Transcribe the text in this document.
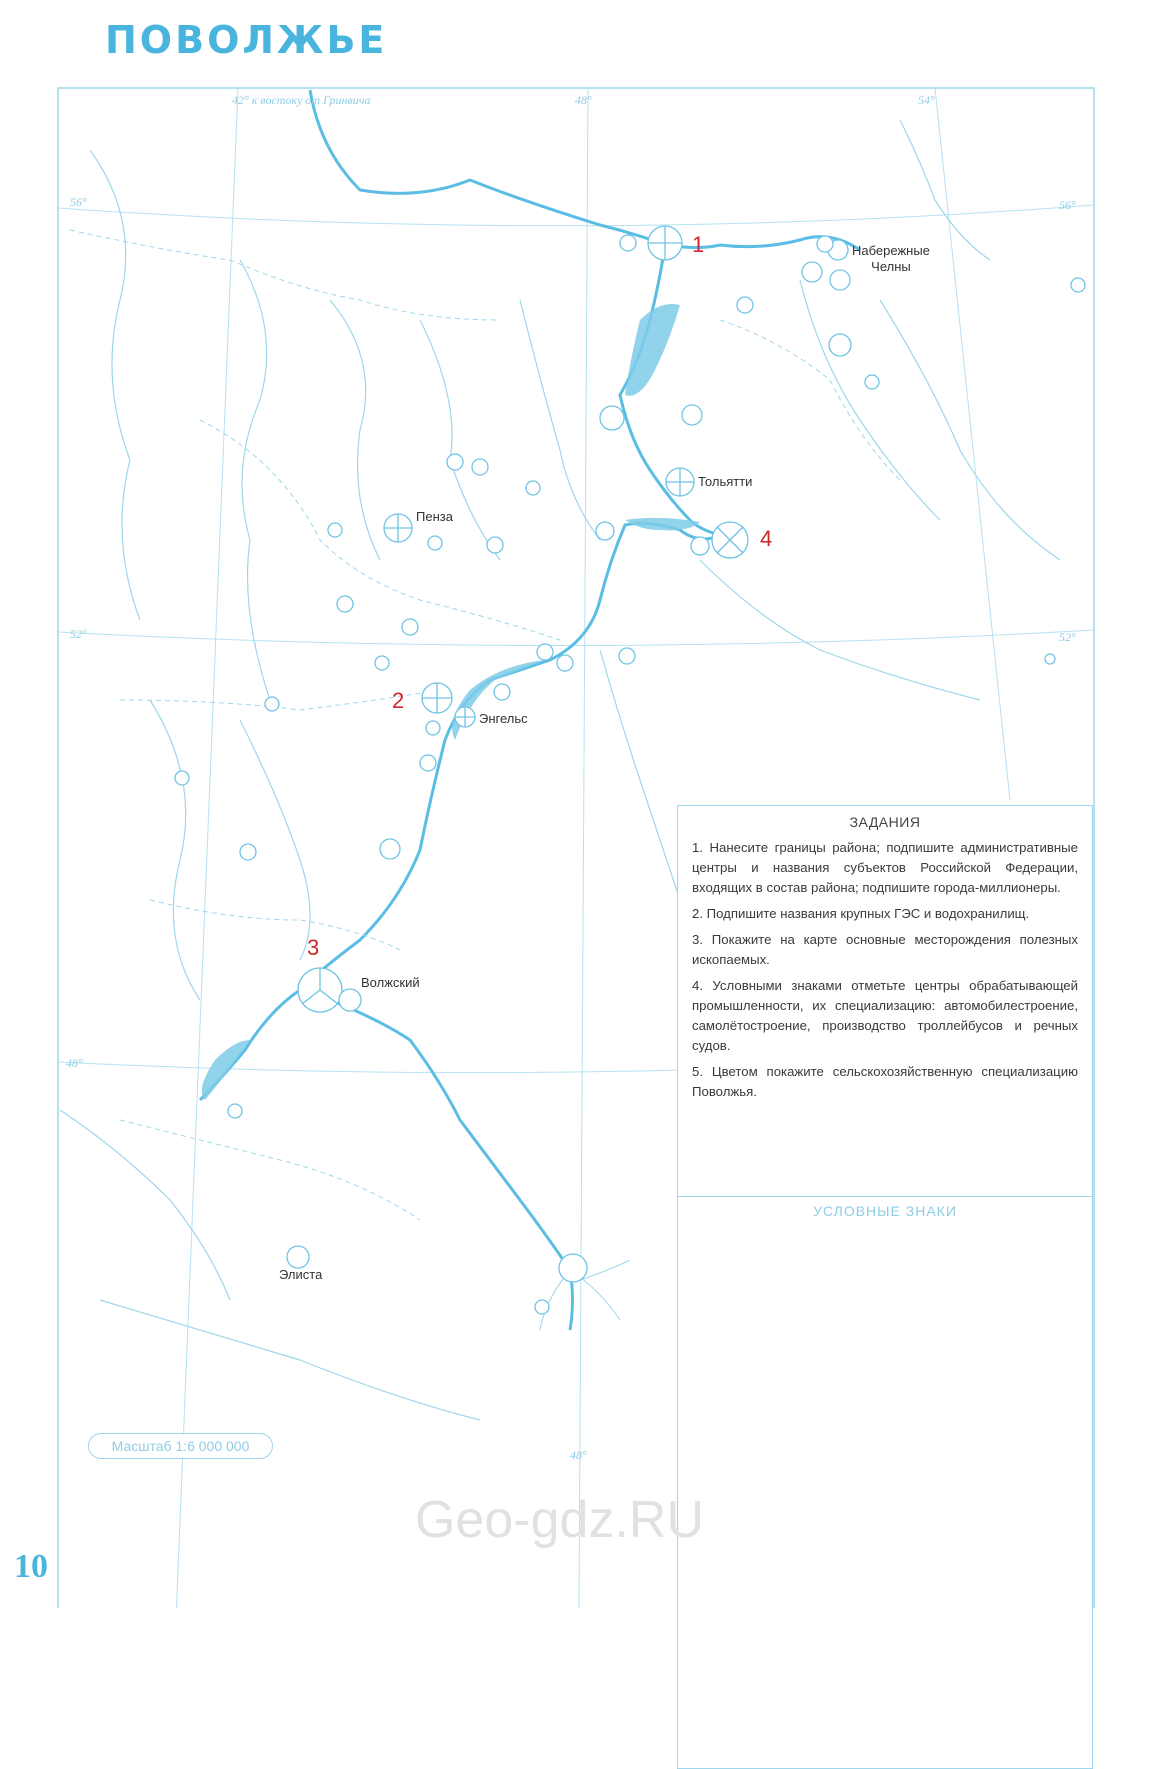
ПОВОЛЖЬЕ
42° к востоку от Гринвича	48°	54°
56°	56°
52°	52°
48°
48°
Набережные
Челны
Тольятти
Пенза
Энгельс
Волжский
Элиста
1
2
3
4
ЗАДАНИЯ
1. Нанесите границы района; подпишите административные центры и названия субъектов Российской Федерации, входящих в состав района; подпишите города-миллионеры.
2. Подпишите названия крупных ГЭС и водохранилищ.
3. Покажите на карте основные месторождения полезных ископаемых.
4. Условными знаками отметьте центры обрабатывающей промышленности, их специализацию: автомобилестроение, самолётостроение, производство троллейбусов и речных судов.
5. Цветом покажите сельскохозяйственную специализацию Поволжья.
УСЛОВНЫЕ ЗНАКИ
Масштаб 1:6 000 000
10
Geo-gdz.RU
